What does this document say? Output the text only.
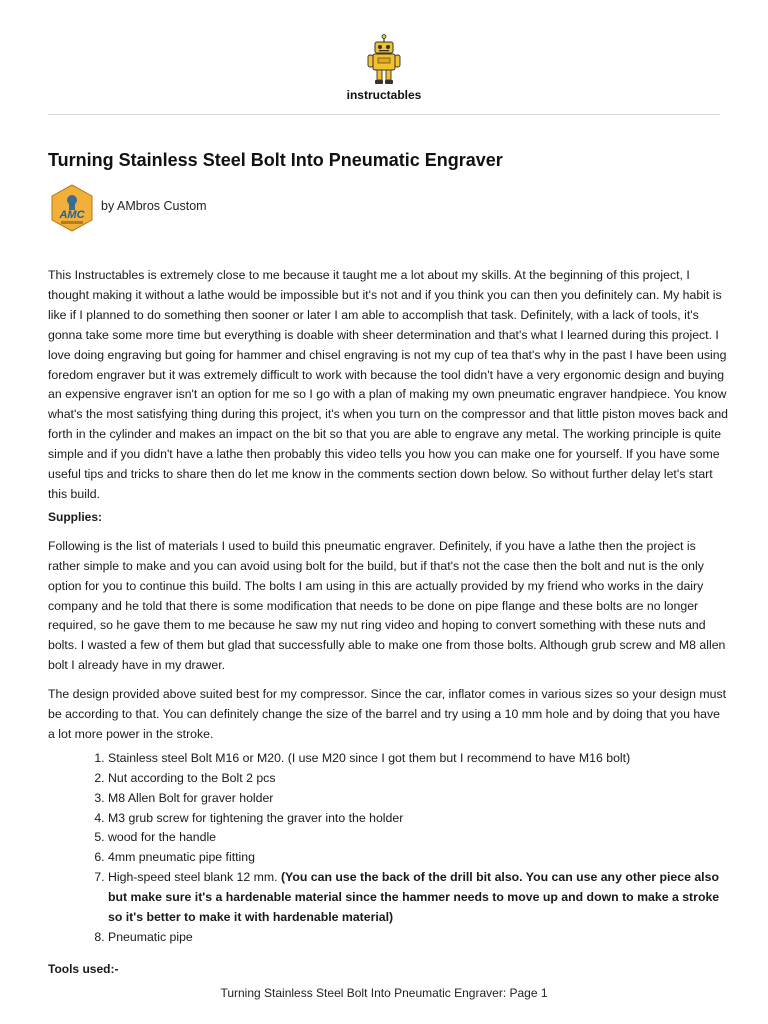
instructables
Turning Stainless Steel Bolt Into Pneumatic Engraver
AMC
by AMbros Custom

This Instructables is extremely close to me because it taught me a lot about my skills. At the beginning of this project, I thought making it without a lathe would be impossible but it's not and if you think you can then you definitely can. My habit is like if I planned to do something then sooner or later I am able to accomplish that task. Definitely, with a lack of tools, it's gonna take some more time but everything is doable with sheer determination and that's what I learned during this project. I love doing engraving but going for hammer and chisel engraving is not my cup of tea that's why in the past I have been using foredom engraver but it was extremely difficult to work with because the tool didn't have a very ergonomic design and buying an expensive engraver isn't an option for me so I go with a plan of making my own pneumatic engraver handpiece. You know what's the most satisfying thing during this project, it's when you turn on the compressor and that little piston moves back and forth in the cylinder and makes an impact on the bit so that you are able to engrave any metal. The working principle is quite simple and if you didn't have a lathe then probably this video tells you how you can make one for yourself. If you have some useful tips and tricks to share then do let me know in the comments section down below. So without further delay let's start this build.

Supplies:

Following is the list of materials I used to build this pneumatic engraver. Definitely, if you have a lathe then the project is rather simple to make and you can avoid using bolt for the build, but if that's not the case then the bolt and nut is the only option for you to continue this build. The bolts I am using in this are actually provided by my friend who works in the dairy company and he told that there is some modification that needs to be done on pipe flange and these bolts are no longer required, so he gave them to me because he saw my nut ring video and hoping to convert something with these nuts and bolts. I wasted a few of them but glad that successfully able to make one from those bolts. Although grub screw and M8 allen bolt I already have in my drawer.

The design provided above suited best for my compressor. Since the car, inflator comes in various sizes so your design must be according to that. You can definitely change the size of the barrel and try using a 10 mm hole and by doing that you have a lot more power in the stroke.

1. Stainless steel Bolt M16 or M20. (I use M20 since I got them but I recommend to have M16 bolt)
2. Nut according to the Bolt 2 pcs
3. M8 Allen Bolt for graver holder
4. M3 grub screw for tightening the graver into the holder
5. wood for the handle
6. 4mm pneumatic pipe fitting
7. High-speed steel blank 12 mm. (You can use the back of the drill bit also. You can use any other piece also but make sure it's a hardenable material since the hammer needs to move up and down to make a stroke so it's better to make it with hardenable material)
8. Pneumatic pipe

Tools used:-

Turning Stainless Steel Bolt Into Pneumatic Engraver: Page 1
